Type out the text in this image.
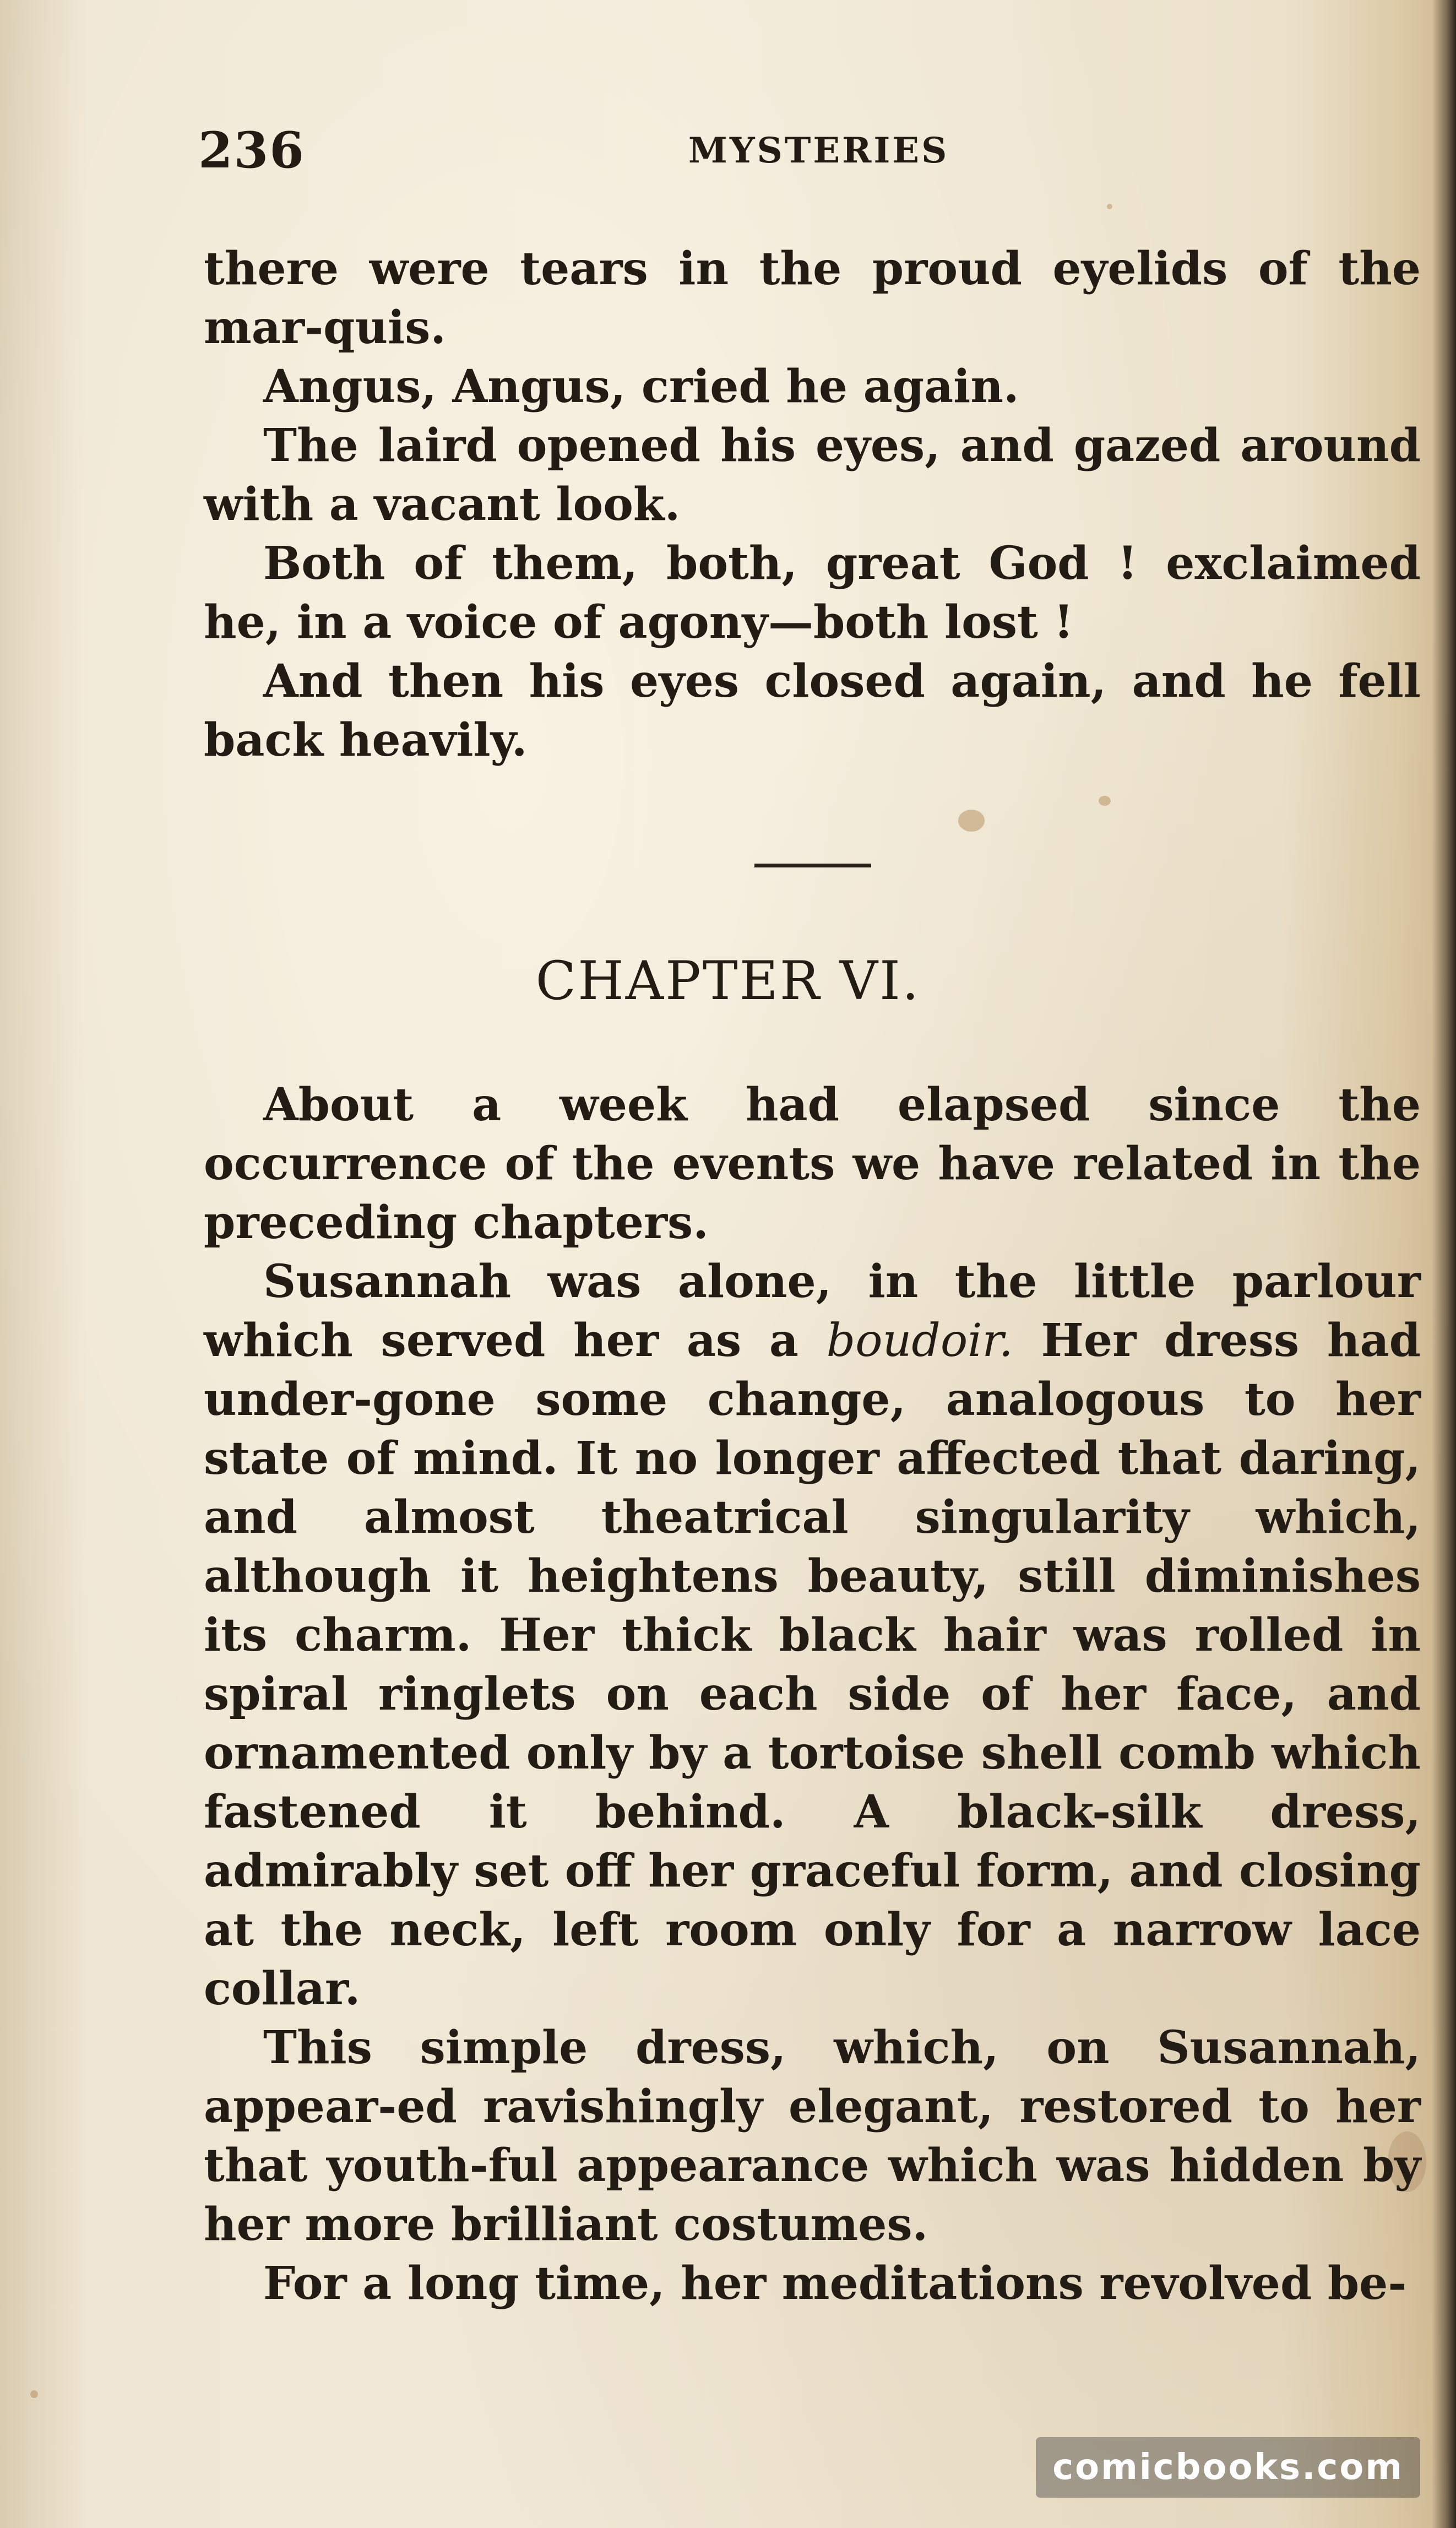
236	MYSTERIES

there were tears in the proud eyelids of the mar-quis.

Angus, Angus, cried he again.

The laird opened his eyes, and gazed around with a vacant look.

Both of them, both, great God ! exclaimed he, in a voice of agony—both lost !

And then his eyes closed again, and he fell back heavily.

CHAPTER VI.

About a week had elapsed since the occurrence of the events we have related in the preceding chapters.

Susannah was alone, in the little parlour which served her as a boudoir. Her dress had under-gone some change, analogous to her state of mind. It no longer affected that daring, and almost theatrical singularity which, although it heightens beauty, still diminishes its charm. Her thick black hair was rolled in spiral ringlets on each side of her face, and ornamented only by a tortoise shell comb which fastened it behind. A black-silk dress, admirably set off her graceful form, and closing at the neck, left room only for a narrow lace collar.

This simple dress, which, on Susannah, appear-ed ravishingly elegant, restored to her that youth-ful appearance which was hidden by her more brilliant costumes.

For a long time, her meditations revolved be-

comicbooks.com
